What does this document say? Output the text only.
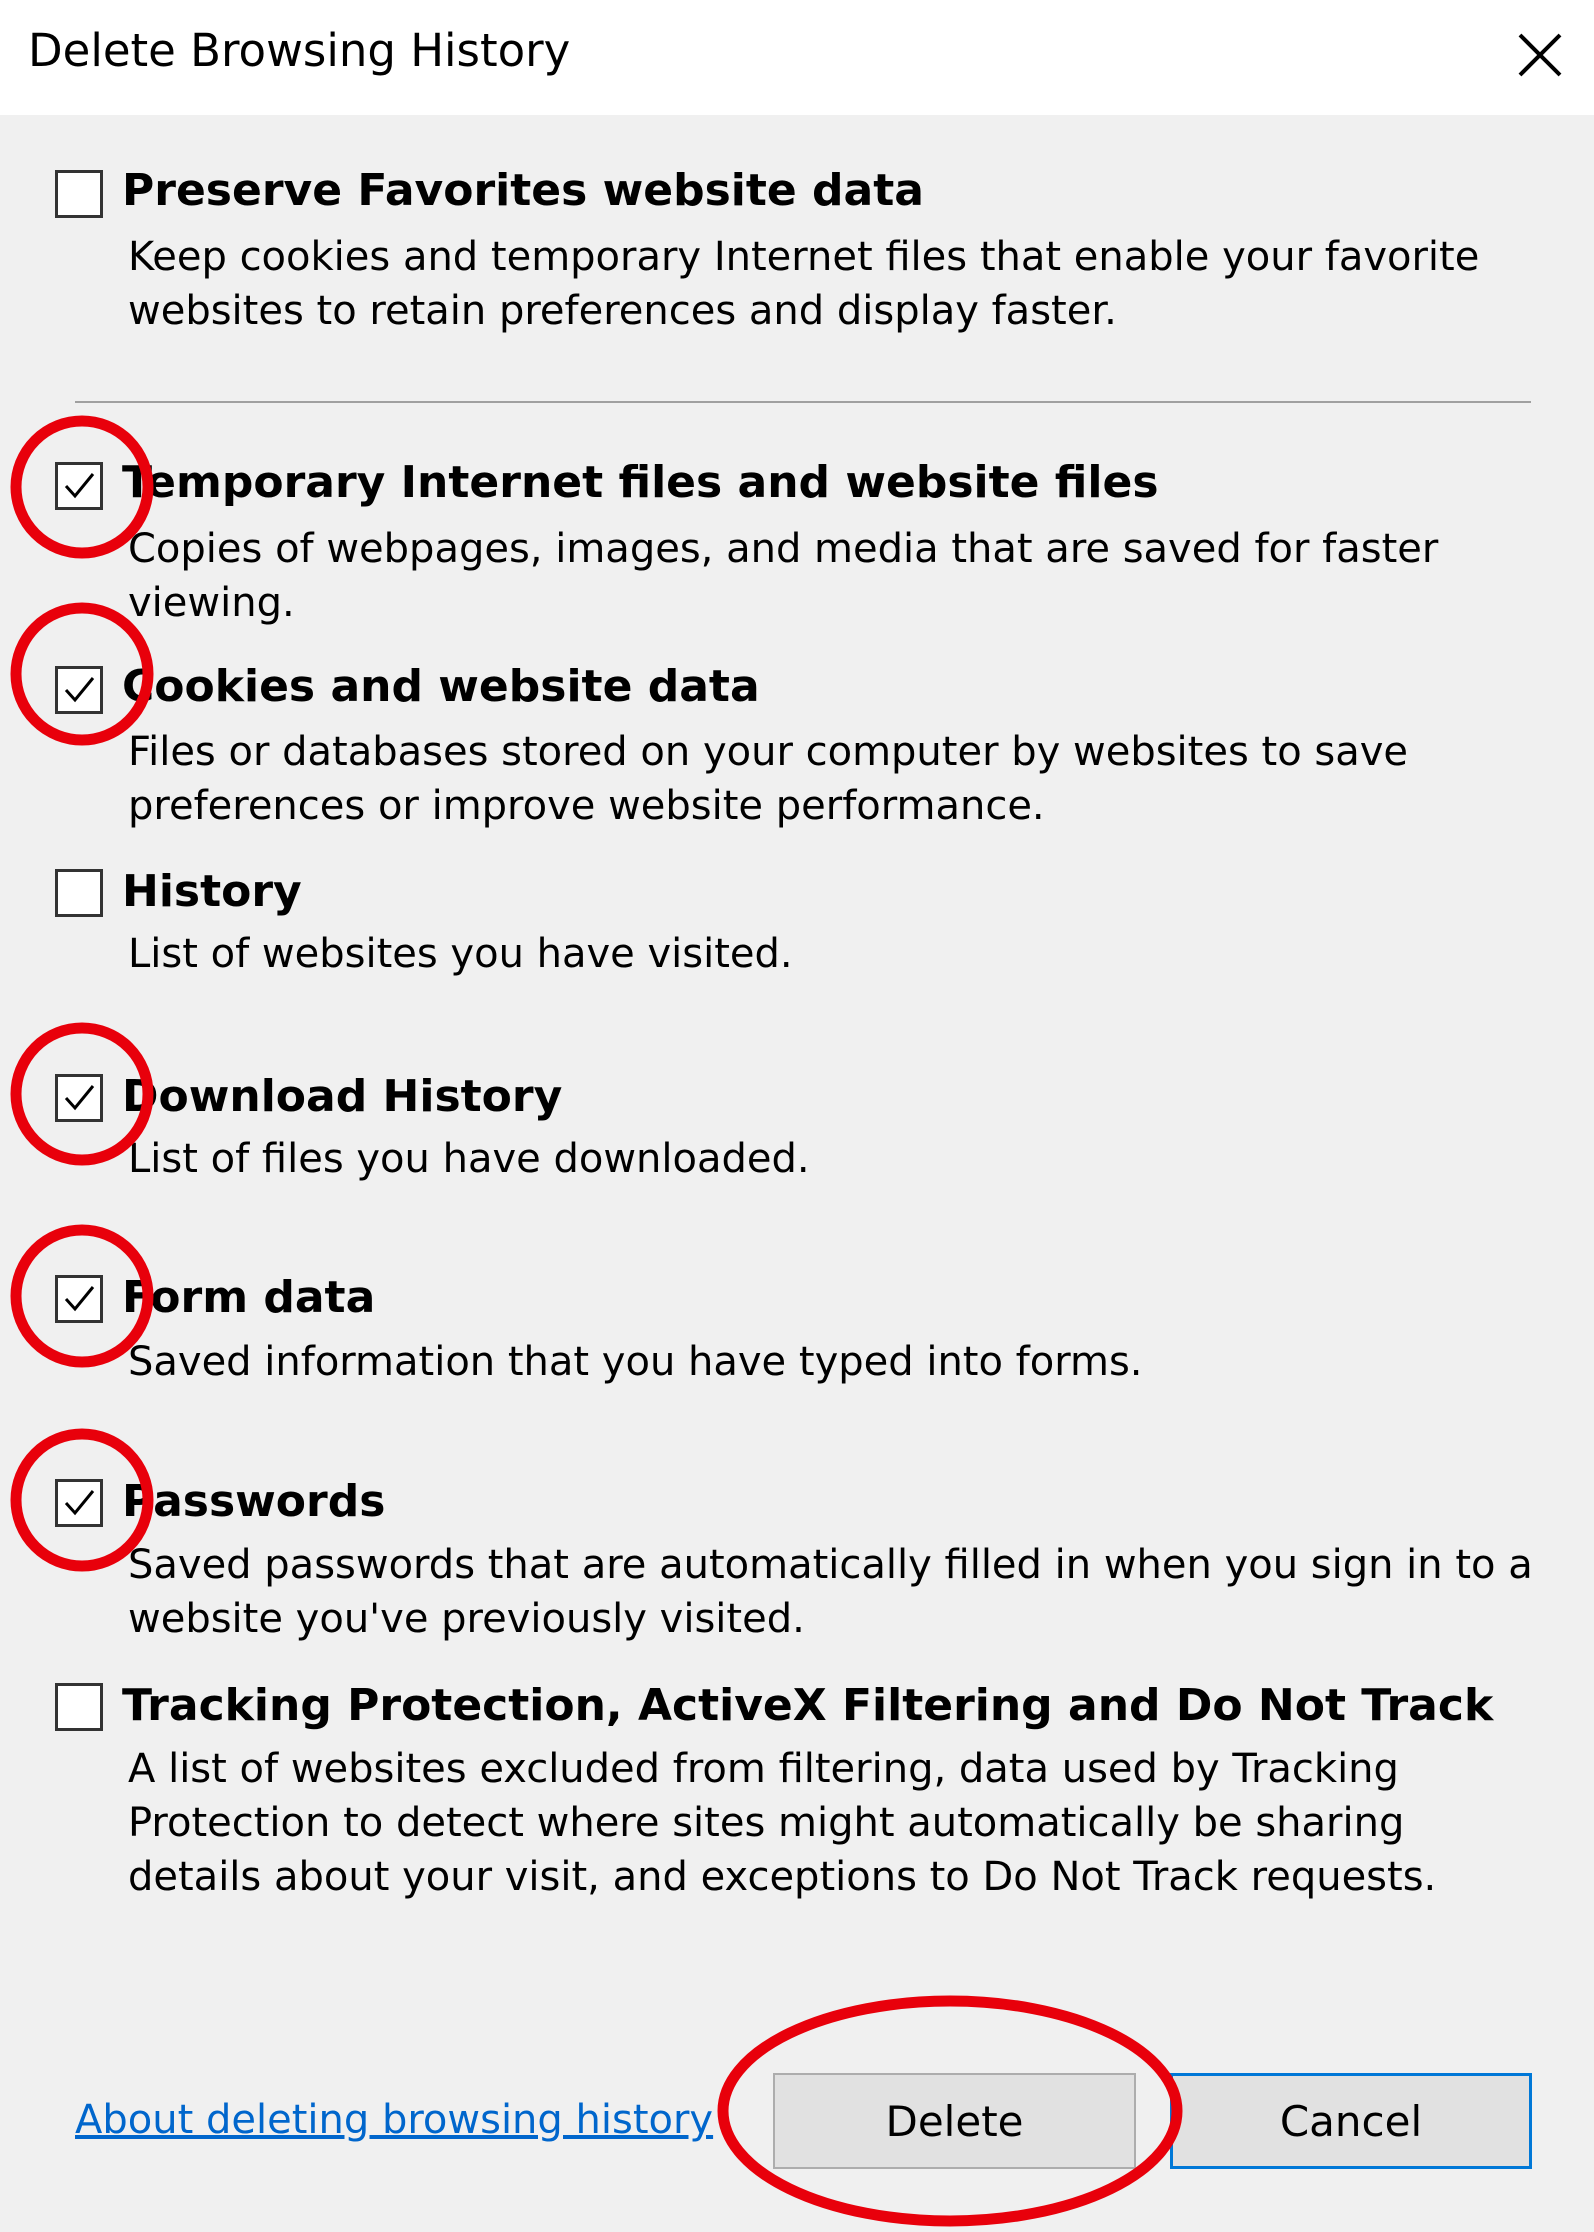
Delete Browsing History
Preserve Favorites website data
Keep cookies and temporary Internet files that enable your favorite websites to retain preferences and display faster.
Temporary Internet files and website files
Copies of webpages, images, and media that are saved for faster viewing.
Cookies and website data
Files or databases stored on your computer by websites to save preferences or improve website performance.
History
List of websites you have visited.
Download History
List of files you have downloaded.
Form data
Saved information that you have typed into forms.
Passwords
Saved passwords that are automatically filled in when you sign in to a website you've previously visited.
Tracking Protection, ActiveX Filtering and Do Not Track
A list of websites excluded from filtering, data used by Tracking Protection to detect where sites might automatically be sharing details about your visit, and exceptions to Do Not Track requests.
About deleting browsing history	Delete	Cancel
